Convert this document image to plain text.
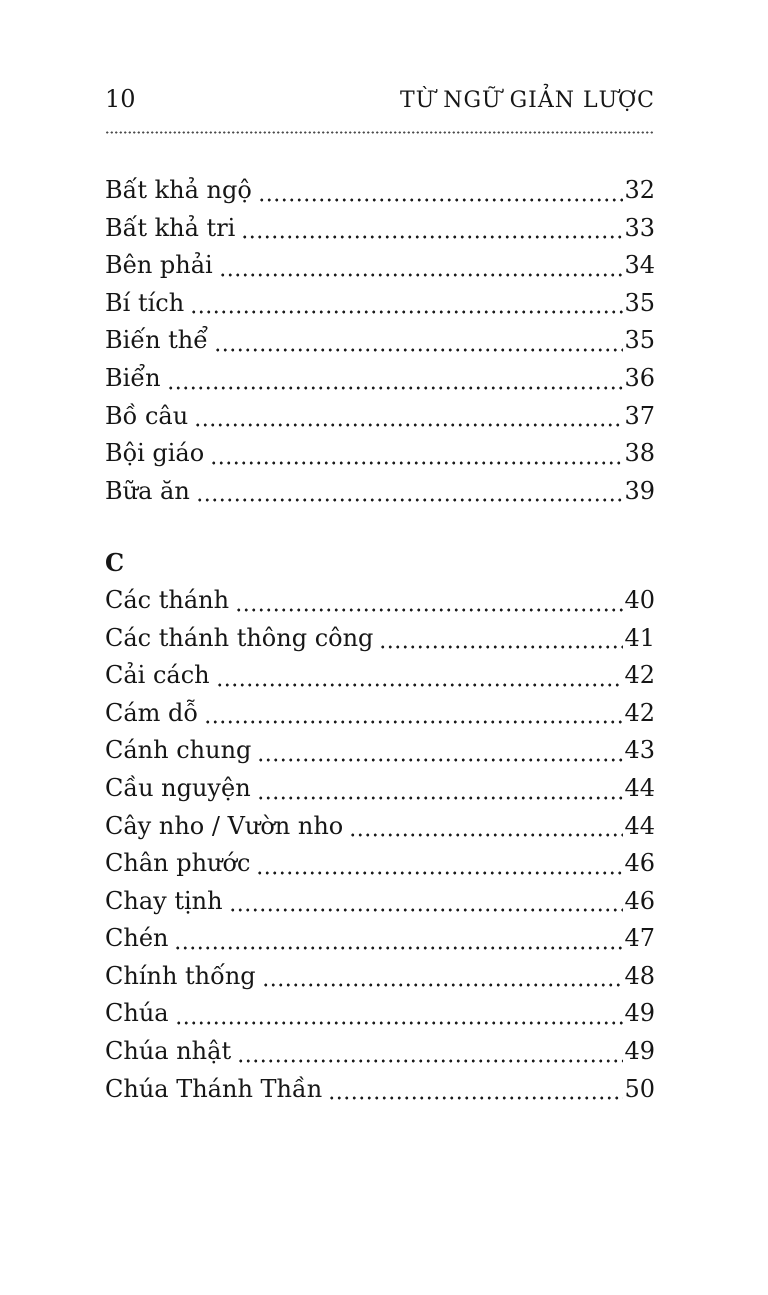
10	TỪ NGỮ GIẢN LƯỢC
Bất khả ngộ	32
Bất khả tri	33
Bên phải	34
Bí tích	35
Biến thể	35
Biển	36
Bồ câu	37
Bội giáo	38
Bữa ăn	39
C
Các thánh	40
Các thánh thông công	41
Cải cách	42
Cám dỗ	42
Cánh chung	43
Cầu nguyện	44
Cây nho / Vườn nho	44
Chân phước	46
Chay tịnh	46
Chén	47
Chính thống	48
Chúa	49
Chúa nhật	49
Chúa Thánh Thần	50
